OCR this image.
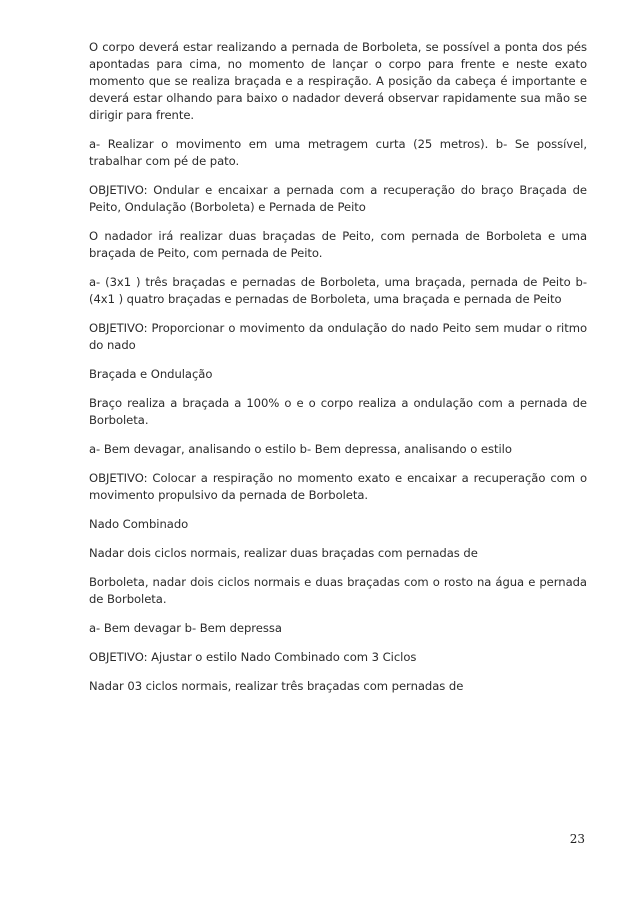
O corpo deverá estar realizando a pernada de Borboleta, se possível a ponta dos pés apontadas para cima, no momento de lançar o corpo para frente e neste exato momento que se realiza braçada e a respiração. A posição da cabeça é importante e deverá estar olhando para baixo o nadador deverá observar rapidamente sua mão se dirigir para frente.

a- Realizar o movimento em uma metragem curta (25 metros). b- Se possível, trabalhar com pé de pato.

OBJETIVO: Ondular e encaixar a pernada com a recuperação do braço Braçada de Peito, Ondulação (Borboleta) e Pernada de Peito

O nadador irá realizar duas braçadas de Peito, com pernada de Borboleta e uma braçada de Peito, com pernada de Peito.

a- (3x1 ) três braçadas e pernadas de Borboleta, uma braçada, pernada de Peito b- (4x1 ) quatro braçadas e pernadas de Borboleta, uma braçada e pernada de Peito

OBJETIVO: Proporcionar o movimento da ondulação do nado Peito sem mudar o ritmo do nado

Braçada e Ondulação

Braço realiza a braçada a 100% o e o corpo realiza a ondulação com a pernada de Borboleta.

a- Bem devagar, analisando o estilo b- Bem depressa, analisando o estilo

OBJETIVO: Colocar a respiração no momento exato e encaixar a recuperação com o movimento propulsivo da pernada de Borboleta.

Nado Combinado

Nadar dois ciclos normais, realizar duas braçadas com pernadas de

Borboleta, nadar dois ciclos normais e duas braçadas com o rosto na água e pernada de Borboleta.

a- Bem devagar b- Bem depressa

OBJETIVO: Ajustar o estilo Nado Combinado com 3 Ciclos

Nadar 03 ciclos normais, realizar três braçadas com pernadas de

23
